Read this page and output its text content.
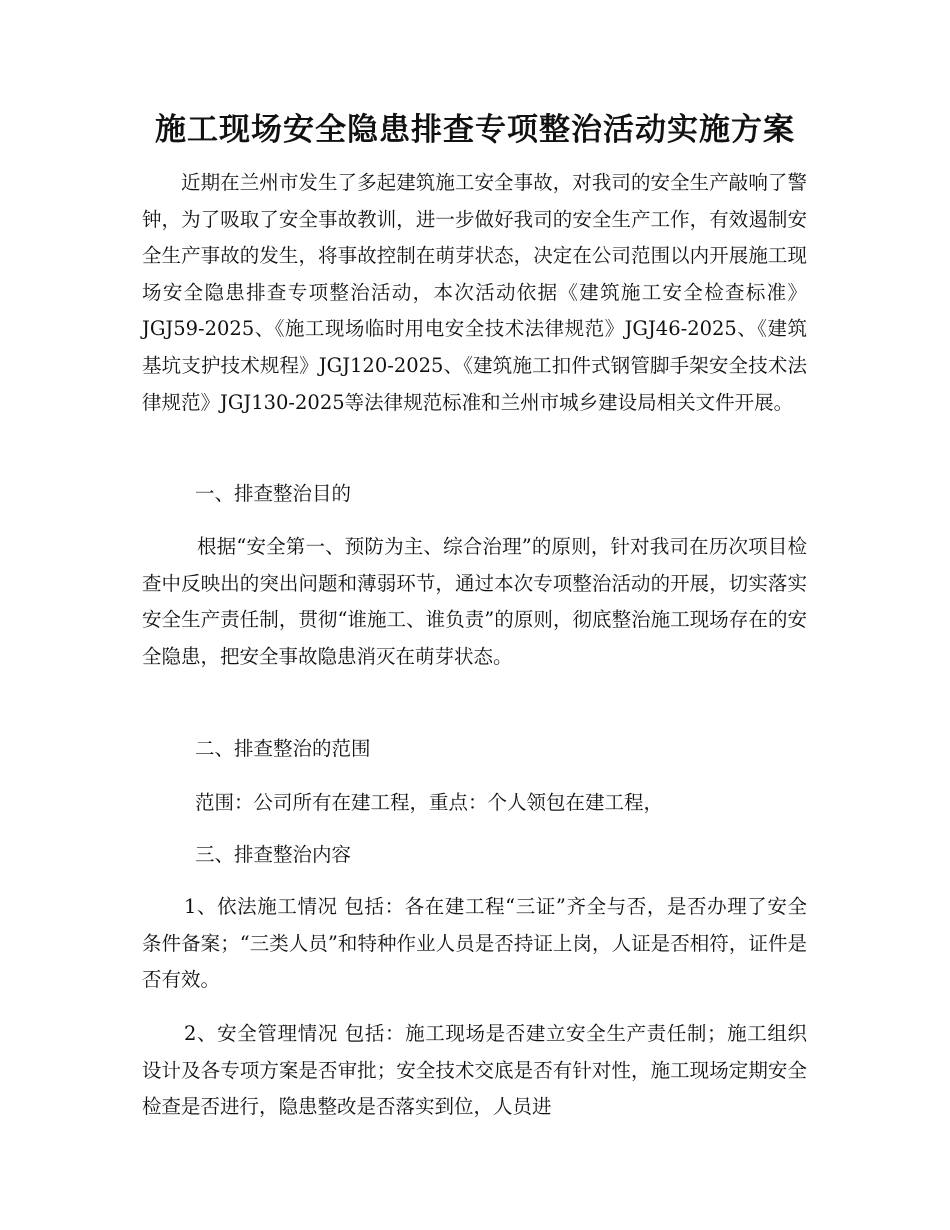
施工现场安全隐患排查专项整治活动实施方案

近期在兰州市发生了多起建筑施工安全事故，对我司的安全生产敲响了警钟，为了吸取了安全事故教训，进一步做好我司的安全生产工作，有效遏制安全生产事故的发生，将事故控制在萌芽状态，决定在公司范围以内开展施工现场安全隐患排查专项整治活动，本次活动依据《建筑施工安全检查标准》JGJ59-2025、《施工现场临时用电安全技术法律规范》JGJ46-2025、《建筑基坑支护技术规程》JGJ120-2025、《建筑施工扣件式钢管脚手架安全技术法律规范》JGJ130-2025等法律规范标准和兰州市城乡建设局相关文件开展。

一、排查整治目的

根据“安全第一、预防为主、综合治理”的原则，针对我司在历次项目检查中反映出的突出问题和薄弱环节，通过本次专项整治活动的开展，切实落实安全生产责任制，贯彻“谁施工、谁负责”的原则，彻底整治施工现场存在的安全隐患，把安全事故隐患消灭在萌芽状态。

二、排查整治的范围

范围：公司所有在建工程，重点：个人领包在建工程，

三、排查整治内容

1、依法施工情况 包括：各在建工程“三证”齐全与否，是否办理了安全条件备案；“三类人员”和特种作业人员是否持证上岗，人证是否相符，证件是否有效。

2、安全管理情况 包括：施工现场是否建立安全生产责任制；施工组织设计及各专项方案是否审批；安全技术交底是否有针对性，施工现场定期安全检查是否进行，隐患整改是否落实到位，人员进
